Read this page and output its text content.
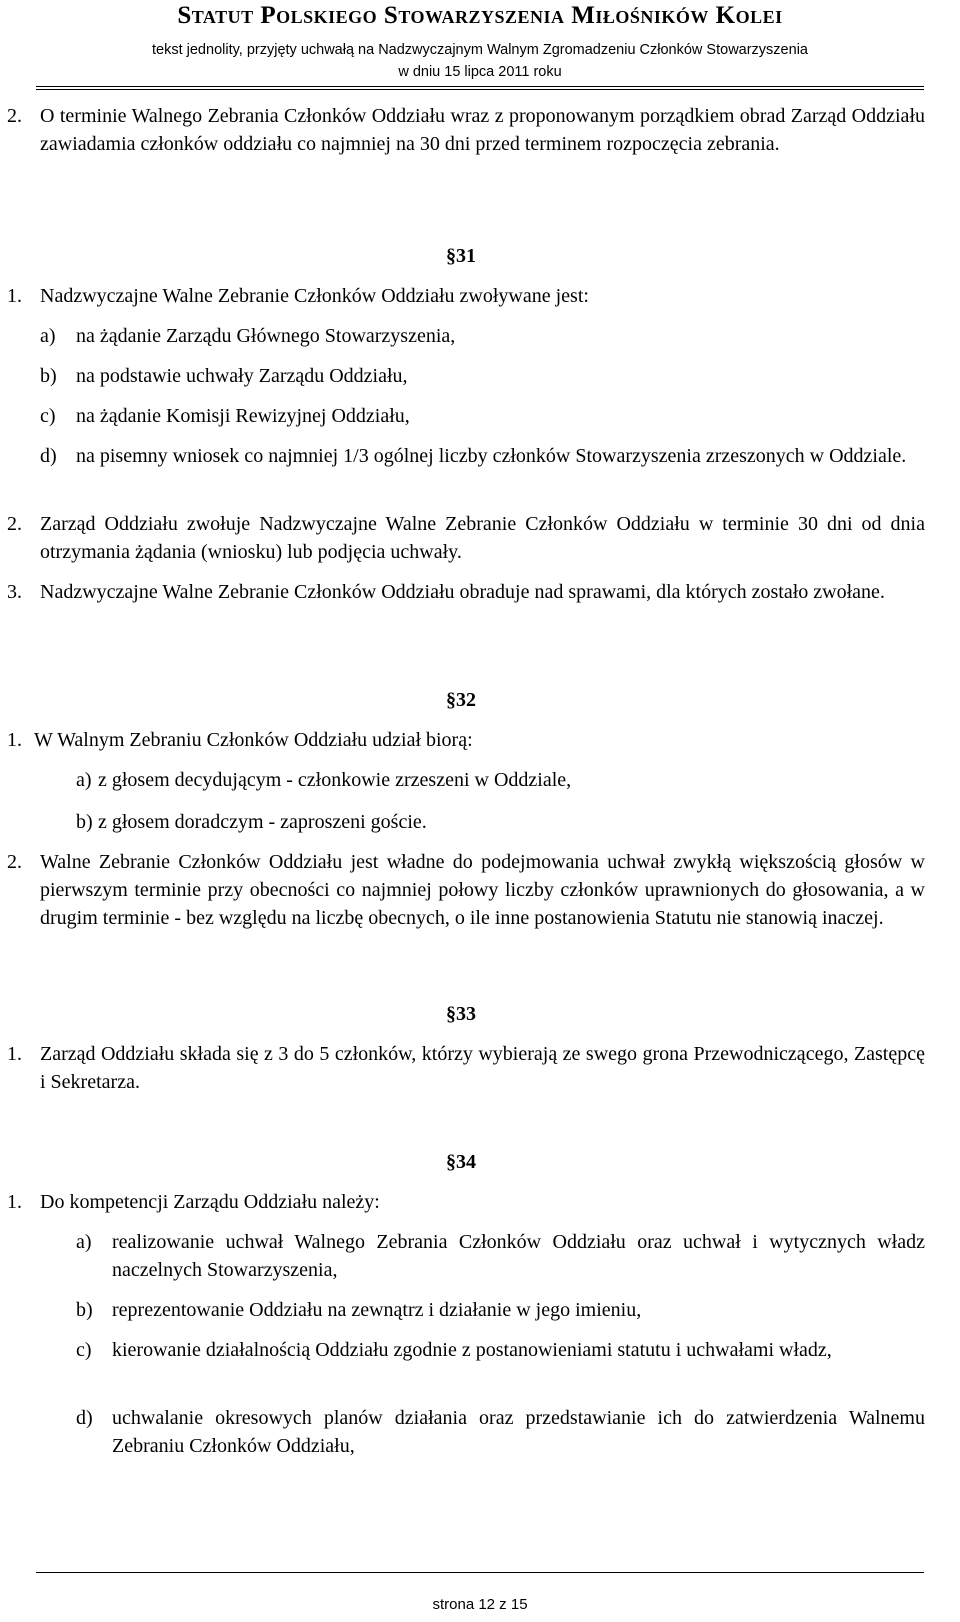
Statut Polskiego Stowarzyszenia Miłośników Kolei
tekst jednolity, przyjęty uchwałą na Nadzwyczajnym Walnym Zgromadzeniu Członków Stowarzyszenia
w dniu 15 lipca 2011 roku
2. O terminie Walnego Zebrania Członków Oddziału wraz z proponowanym porządkiem obrad Zarząd Oddziału zawiadamia członków oddziału co najmniej na 30 dni przed terminem rozpoczęcia zebrania.
§31
1. Nadzwyczajne Walne Zebranie Członków Oddziału zwoływane jest:
a) na żądanie Zarządu Głównego Stowarzyszenia,
b) na podstawie uchwały Zarządu Oddziału,
c) na żądanie Komisji Rewizyjnej Oddziału,
d) na pisemny wniosek co najmniej 1/3 ogólnej liczby członków Stowarzyszenia zrzeszonych w Oddziale.
2. Zarząd Oddziału zwołuje Nadzwyczajne Walne Zebranie Członków Oddziału w terminie 30 dni od dnia otrzymania żądania (wniosku) lub podjęcia uchwały.
3. Nadzwyczajne Walne Zebranie Członków Oddziału obraduje nad sprawami, dla których zostało zwołane.
§32
1. W Walnym Zebraniu Członków Oddziału udział biorą:
a) z głosem decydującym - członkowie zrzeszeni w Oddziale,
b) z głosem doradczym - zaproszeni goście.
2. Walne Zebranie Członków Oddziału jest władne do podejmowania uchwał zwykłą większością głosów w pierwszym terminie przy obecności co najmniej połowy liczby członków uprawnionych do głosowania, a w drugim terminie - bez względu na liczbę obecnych, o ile inne postanowienia Statutu nie stanowią inaczej.
§33
1. Zarząd Oddziału składa się z 3 do 5 członków, którzy wybierają ze swego grona Przewodniczącego, Zastępcę i Sekretarza.
§34
1. Do kompetencji Zarządu Oddziału należy:
a) realizowanie uchwał Walnego Zebrania Członków Oddziału oraz uchwał i wytycznych władz naczelnych Stowarzyszenia,
b) reprezentowanie Oddziału na zewnątrz i działanie w jego imieniu,
c) kierowanie działalnością Oddziału zgodnie z postanowieniami statutu i uchwałami władz,
d) uchwalanie okresowych planów działania oraz przedstawianie ich do zatwierdzenia Walnemu Zebraniu Członków Oddziału,
strona 12 z 15
